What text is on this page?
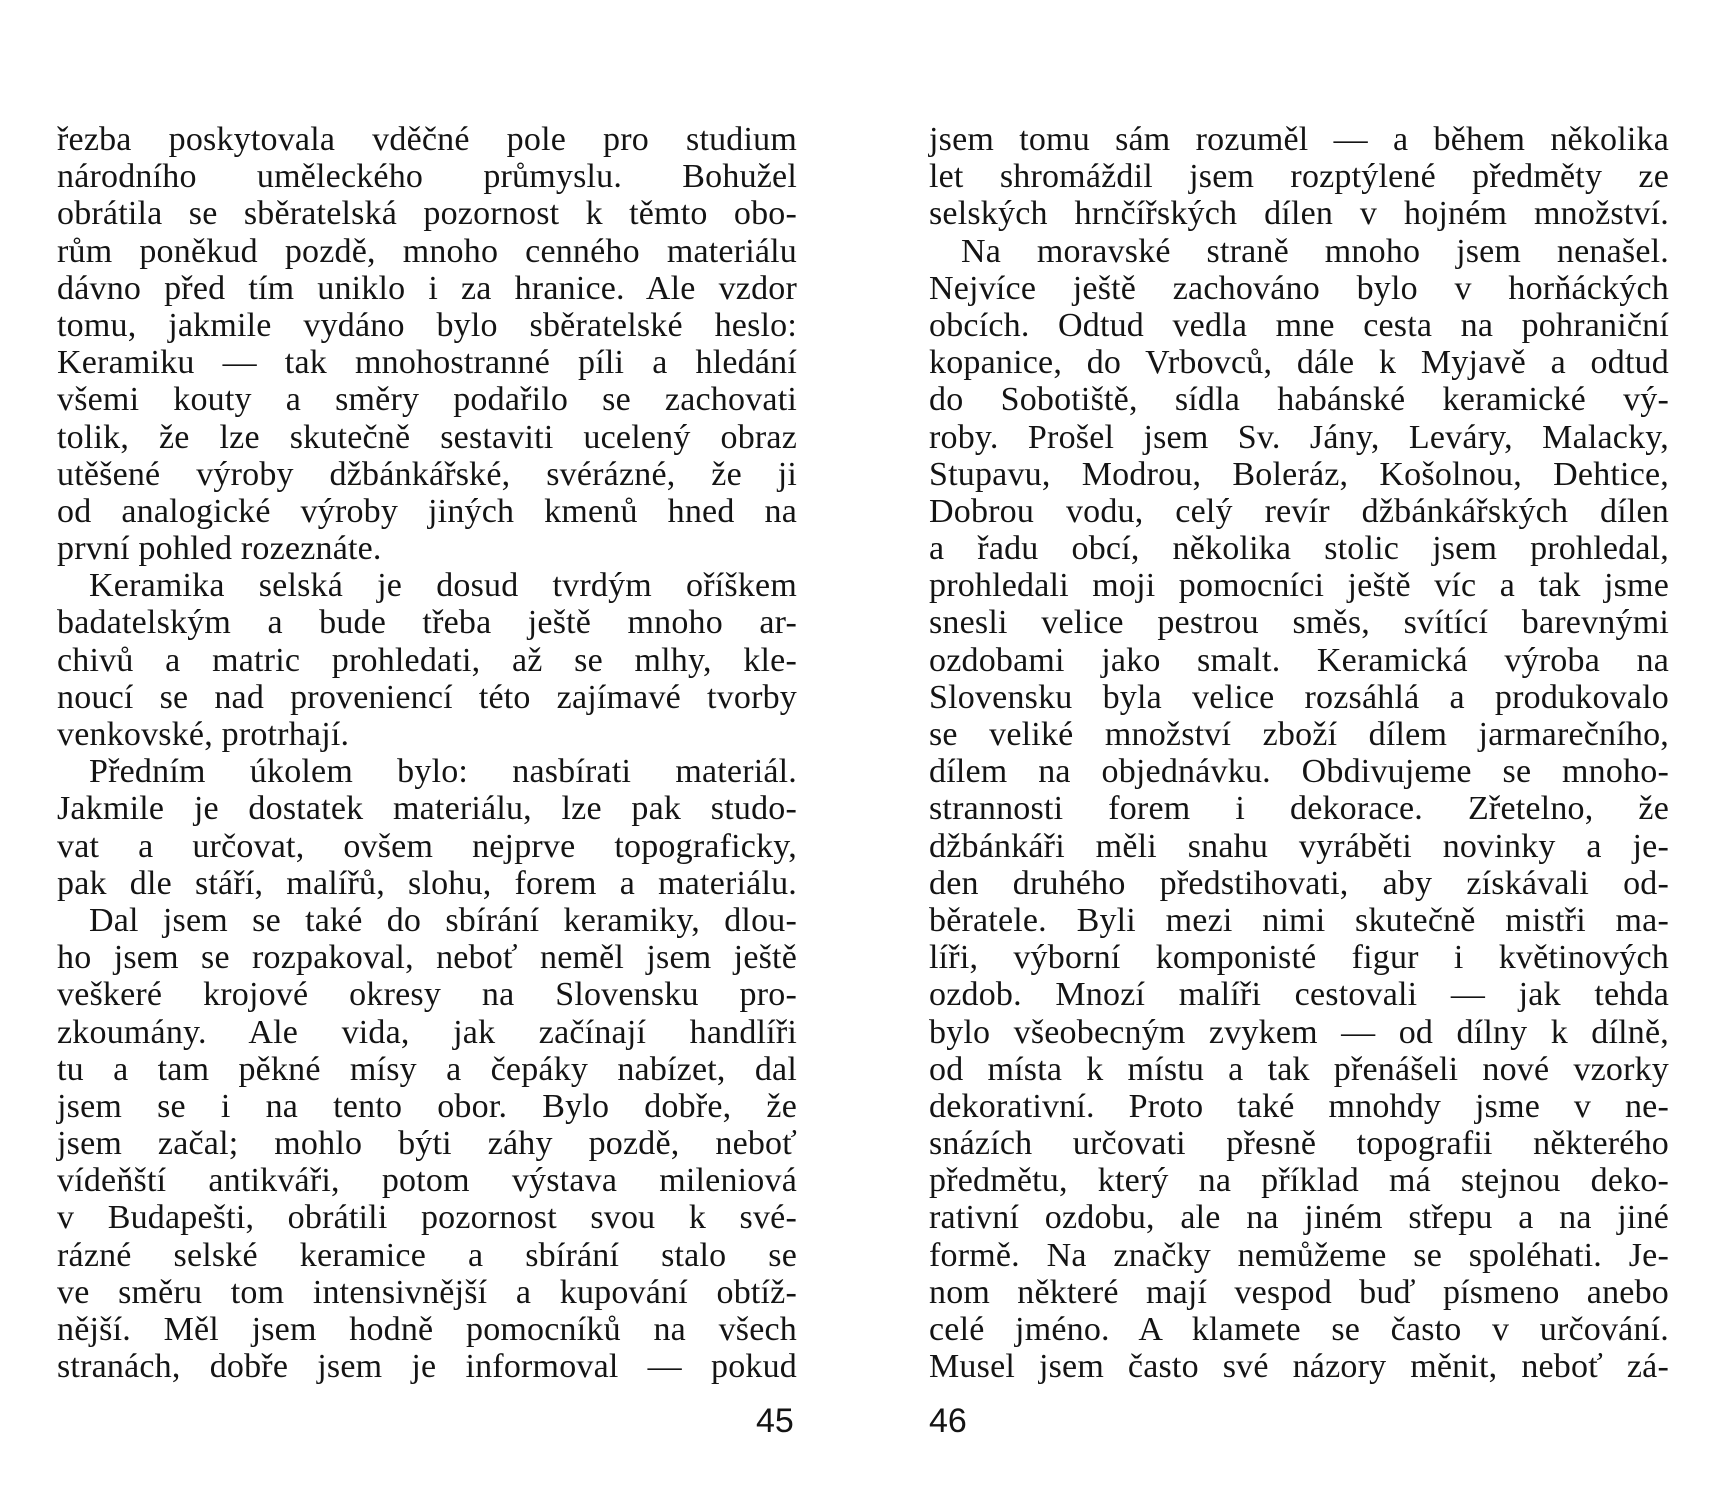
řezba poskytovala vděčné pole pro studium
národního uměleckého průmyslu. Bohužel
obrátila se sběratelská pozornost k těmto obo-
rům poněkud pozdě, mnoho cenného materiálu
dávno před tím uniklo i za hranice. Ale vzdor
tomu, jakmile vydáno bylo sběratelské heslo:
Keramiku — tak mnohostranné píli a hledání
všemi kouty a směry podařilo se zachovati
tolik, že lze skutečně sestaviti ucelený obraz
utěšené výroby džbánkářské, svérázné, že ji
od analogické výroby jiných kmenů hned na
první pohled rozeznáte.
Keramika selská je dosud tvrdým oříškem
badatelským a bude třeba ještě mnoho ar-
chivů a matric prohledati, až se mlhy, kle-
noucí se nad proveniencí této zajímavé tvorby
venkovské, protrhají.
Předním úkolem bylo: nasbírati materiál.
Jakmile je dostatek materiálu, lze pak studo-
vat a určovat, ovšem nejprve topograficky,
pak dle stáří, malířů, slohu, forem a materiálu.
Dal jsem se také do sbírání keramiky, dlou-
ho jsem se rozpakoval, neboť neměl jsem ještě
veškeré krojové okresy na Slovensku pro-
zkoumány. Ale vida, jak začínají handlíři
tu a tam pěkné mísy a čepáky nabízet, dal
jsem se i na tento obor. Bylo dobře, že
jsem začal; mohlo býti záhy pozdě, neboť
vídeňští antikváři, potom výstava mileniová
v Budapešti, obrátili pozornost svou k své-
rázné selské keramice a sbírání stalo se
ve směru tom intensivnější a kupování obtíž-
nější. Měl jsem hodně pomocníků na všech
stranách, dobře jsem je informoval — pokud
jsem tomu sám rozuměl — a během několika
let shromáždil jsem rozptýlené předměty ze
selských hrnčířských dílen v hojném množství.
Na moravské straně mnoho jsem nenašel.
Nejvíce ještě zachováno bylo v horňáckých
obcích. Odtud vedla mne cesta na pohraniční
kopanice, do Vrbovců, dále k Myjavě a odtud
do Sobotiště, sídla habánské keramické vý-
roby. Prošel jsem Sv. Jány, Leváry, Malacky,
Stupavu, Modrou, Boleráz, Košolnou, Dehtice,
Dobrou vodu, celý revír džbánkářských dílen
a řadu obcí, několika stolic jsem prohledal,
prohledali moji pomocníci ještě víc a tak jsme
snesli velice pestrou směs, svítící barevnými
ozdobami jako smalt. Keramická výroba na
Slovensku byla velice rozsáhlá a produkovalo
se veliké množství zboží dílem jarmarečního,
dílem na objednávku. Obdivujeme se mnoho-
strannosti forem i dekorace. Zřetelno, že
džbánkáři měli snahu vyráběti novinky a je-
den druhého předstihovati, aby získávali od-
běratele. Byli mezi nimi skutečně mistři ma-
líři, výborní komponisté figur i květinových
ozdob. Mnozí malíři cestovali — jak tehda
bylo všeobecným zvykem — od dílny k dílně,
od místa k místu a tak přenášeli nové vzorky
dekorativní. Proto také mnohdy jsme v ne-
snázích určovati přesně topografii některého
předmětu, který na příklad má stejnou deko-
rativní ozdobu, ale na jiném střepu a na jiné
formě. Na značky nemůžeme se spoléhati. Je-
nom některé mají vespod buď písmeno anebo
celé jméno. A klamete se často v určování.
Musel jsem často své názory měnit, neboť zá-
45	46
